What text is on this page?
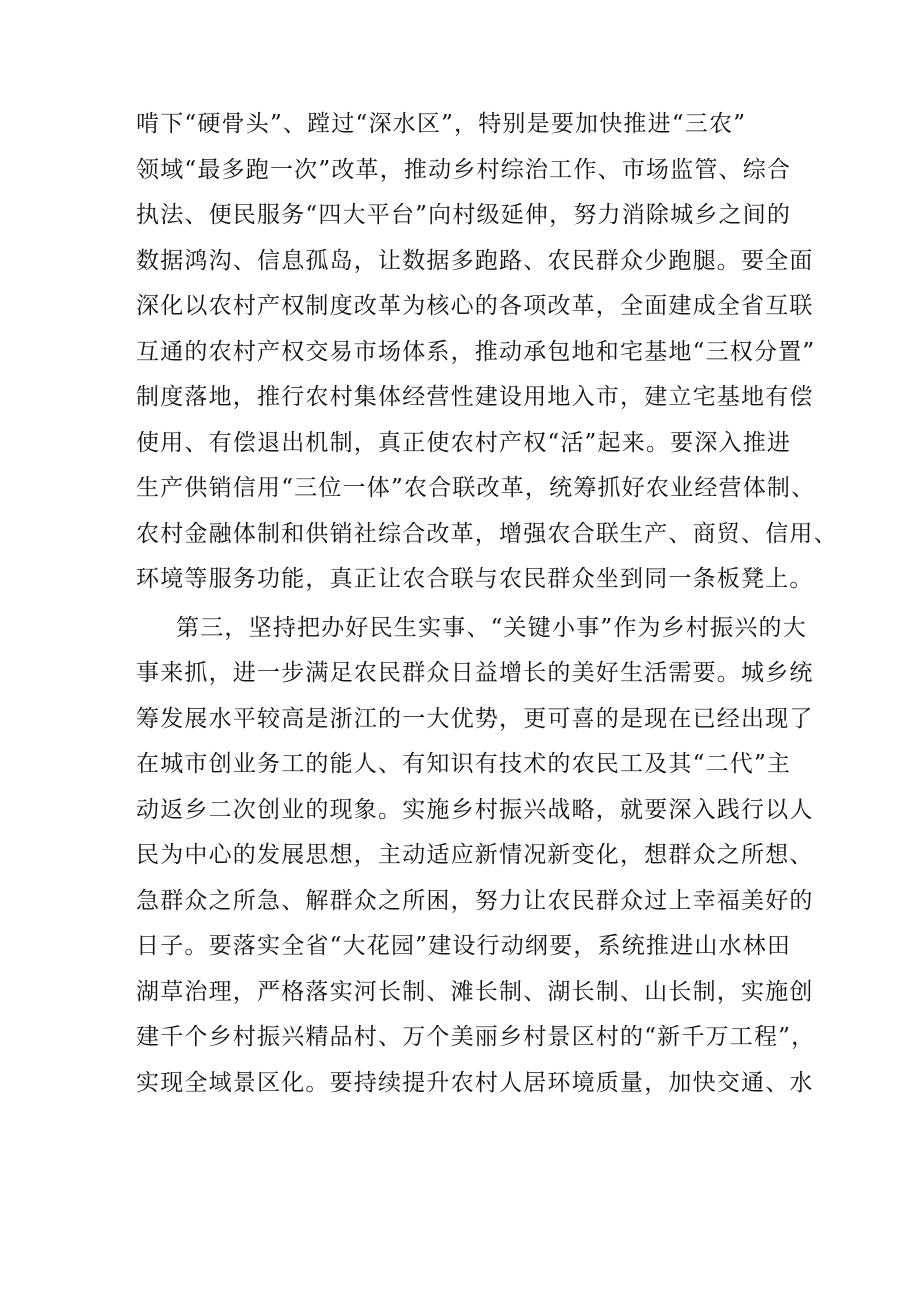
啃下“硬骨头”、蹚过“深水区”，特别是要加快推进“三农”
领域“最多跑一次”改革，推动乡村综治工作、市场监管、综合
执法、便民服务“四大平台”向村级延伸，努力消除城乡之间的
数据鸿沟、信息孤岛，让数据多跑路、农民群众少跑腿。要全面
深化以农村产权制度改革为核心的各项改革，全面建成全省互联
互通的农村产权交易市场体系，推动承包地和宅基地“三权分置”
制度落地，推行农村集体经营性建设用地入市，建立宅基地有偿
使用、有偿退出机制，真正使农村产权“活”起来。要深入推进
生产供销信用“三位一体”农合联改革，统筹抓好农业经营体制、
农村金融体制和供销社综合改革，增强农合联生产、商贸、信用、
环境等服务功能，真正让农合联与农民群众坐到同一条板凳上。
第三，坚持把办好民生实事、“关键小事”作为乡村振兴的大
事来抓，进一步满足农民群众日益增长的美好生活需要。城乡统
筹发展水平较高是浙江的一大优势，更可喜的是现在已经出现了
在城市创业务工的能人、有知识有技术的农民工及其“二代”主
动返乡二次创业的现象。实施乡村振兴战略，就要深入践行以人
民为中心的发展思想，主动适应新情况新变化，想群众之所想、
急群众之所急、解群众之所困，努力让农民群众过上幸福美好的
日子。要落实全省“大花园”建设行动纲要，系统推进山水林田
湖草治理，严格落实河长制、滩长制、湖长制、山长制，实施创
建千个乡村振兴精品村、万个美丽乡村景区村的“新千万工程”，
实现全域景区化。要持续提升农村人居环境质量，加快交通、水
